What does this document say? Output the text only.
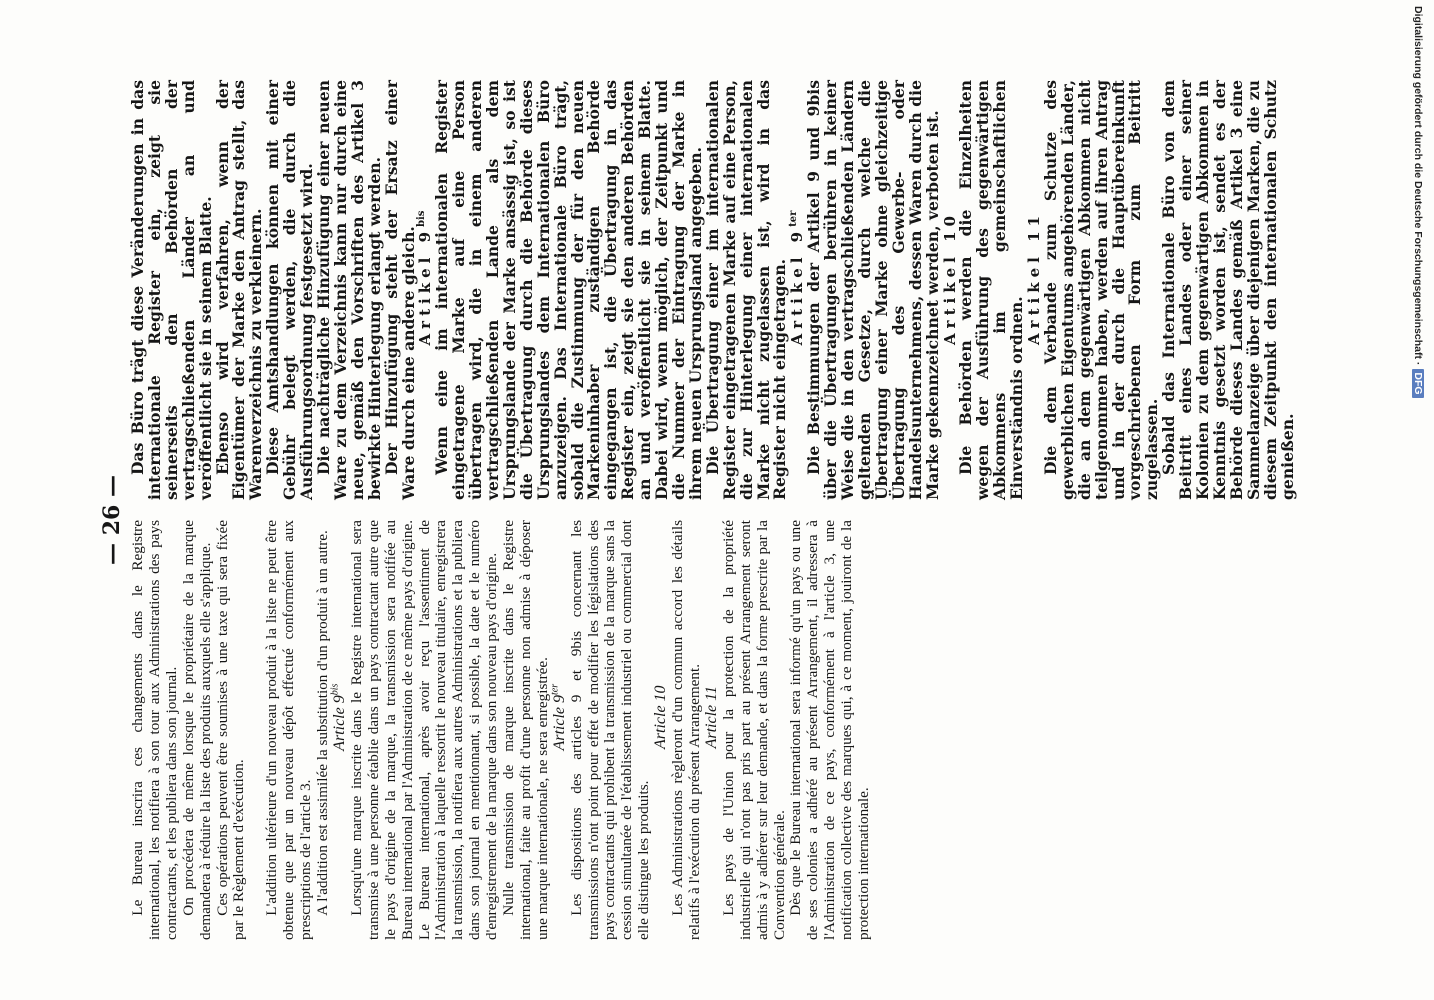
— 26 — Le Bureau inscrira ces changements dans le Registre international, les notifiera à son tour aux Administrations des pays contractants, et les publiera dans son journal. On procédera de même lorsque le propriétaire de la marque demandera à réduire la liste des produits auxquels elle s'applique. Ces opérations peuvent être soumises à une taxe qui sera fixée par le Règlement d'exécution. L'addition ultérieure d'un nouveau produit à la liste ne peut être obtenue que par un nouveau dépôt effectué conformément aux prescriptions de l'article 3. A l'addition est assimilée la substitution d'un produit à un autre. Article $9^{bis}$ Lorsqu'une marque inscrite dans le Registre international sera transmise à une personne établie dans un pays contractant autre que le pays d'origine de la marque, la transmission sera notifiée au Bureau international par l'Administration de ce même pays d'origine. Le Bureau international, après avoir reçu l'assentiment de l'Administration à laquelle ressortit le nouveau titulaire, enregistrera la transmission, la notifiera aux autres Administrations et la publiera dans son journal en mentionnant, si possible, la date et le numéro d'enregistrement de la marque dans son nouveau pays d'origine. Nulle transmission de marque inscrite dans le Registre international, faite au profit d'une personne non admise à déposer une marque internationale, ne sera enregistrée. Article $9^{ter}$ Les dispositions des articles 9 et 9bis concernant les transmissions n'ont point pour effet de modifier les législations des pays contractants qui prohibent la transmission de la marque sans la cession simultanée de l'établissement industriel ou commercial dont elle distingue les produits.

Article 10 Les Administrations règleront d'un commun accord les détails relatifs à l'exécution du présent Arrangement. Article 11 Les pays de l'Union pour la protection de la propriété industrielle qui n'ont pas pris part au présent Arrangement seront admis à y adhérer sur leur demande, et dans la forme prescrite par la Convention générale. Dès que le Bureau international sera informé qu'un pays ou une de ses colonies a adhéré au présent Arrangement, il adressera à l'Administration de ce pays, conformément à l'article 3, une notification collective des marques qui, à ce moment, jouiront de la protection internationale.

Das Büro trägt diese Veränderungen in das internationale Register ein, zeigt sie seinerseits den Behörden der vertragschließenden Länder an und veröffentlicht sie in seinem Blatte.

Ebenso wird verfahren, wenn der Eigentümer der Marke den Antrag stellt, das Warenverzeichnis zu verkleinern.

Diese Amtshandlungen können mit einer Gebühr belegt werden, die durch die Ausführungsordnung festgesetzt wird.

Die nachträgliche Hinzufügung einer neuen Ware zu dem Verzeichnis kann nur durch eine neue, gemäß den Vorschriften des Artikel 3 bewirkte Hinterlegung erlangt werden.

Der Hinzufügung steht der Ersatz einer Ware durch eine andere gleich.

Artikel $9^{bis}$ Wenn eine im internationalen Register eingetragene Marke auf eine Person übertragen wird, die in einem anderen vertragschließenden Lande als dem Ursprungslande der Marke ansässig ist, so ist die Übertragung durch die Behörde dieses Ursprungslandes dem Internationalen Büro anzuzeigen. Das Internationale Büro trägt, sobald die Zustimmung der für den neuen Markeninhaber zuständigen Behörde eingegangen ist, die Übertragung in das Register ein, zeigt sie den anderen Behörden an und veröffentlicht sie in seinem Blatte. Dabei wird, wenn möglich, der Zeitpunkt und die Nummer der Eintragung der Marke in ihrem neuen Ursprungsland angegeben.

Die Übertragung einer im internationalen Register eingetragenen Marke auf eine Person, die zur Hinterlegung einer internationalen Marke nicht zugelassen ist, wird in das Register nicht eingetragen.

Artikel $9^{ter}$ Die Bestimmungen der Artikel 9 und 9bis über die Übertragungen berühren in keiner Weise die in den vertragschließenden Ländern geltenden Gesetze, durch welche die Übertragung einer Marke ohne gleichzeitige Übertragung des Gewerbe- oder Handelsunternehmens, dessen Waren durch die Marke gekennzeichnet werden, verboten ist.

Artikel 10

Die Behörden werden die Einzelheiten wegen der Ausführung des gegenwärtigen Abkommens im gemeinschaftlichen Einverständnis ordnen.

Artikel 11

Die dem Verbande zum Schutze des gewerblichen Eigentums angehörenden Länder, die an dem gegenwärtigen Abkommen nicht teilgenommen haben, werden auf ihren Antrag und in der durch die Hauptübereinkunft vorgeschriebenen Form zum Beitritt zugelassen.

Sobald das Internationale Büro von dem Beitritt eines Landes oder einer seiner Kolonien zu dem gegenwärtigen Abkommen in Kenntnis gesetzt worden ist, sendet es der Behörde dieses Landes gemäß Artikel 3 eine Sammelanzeige über diejenigen Marken, die zu diesem Zeitpunkt den internationalen Schutz genießen.

Digitalisierung gefördert durch die Deutsche Forschungsgemeinschaft ·DFG
